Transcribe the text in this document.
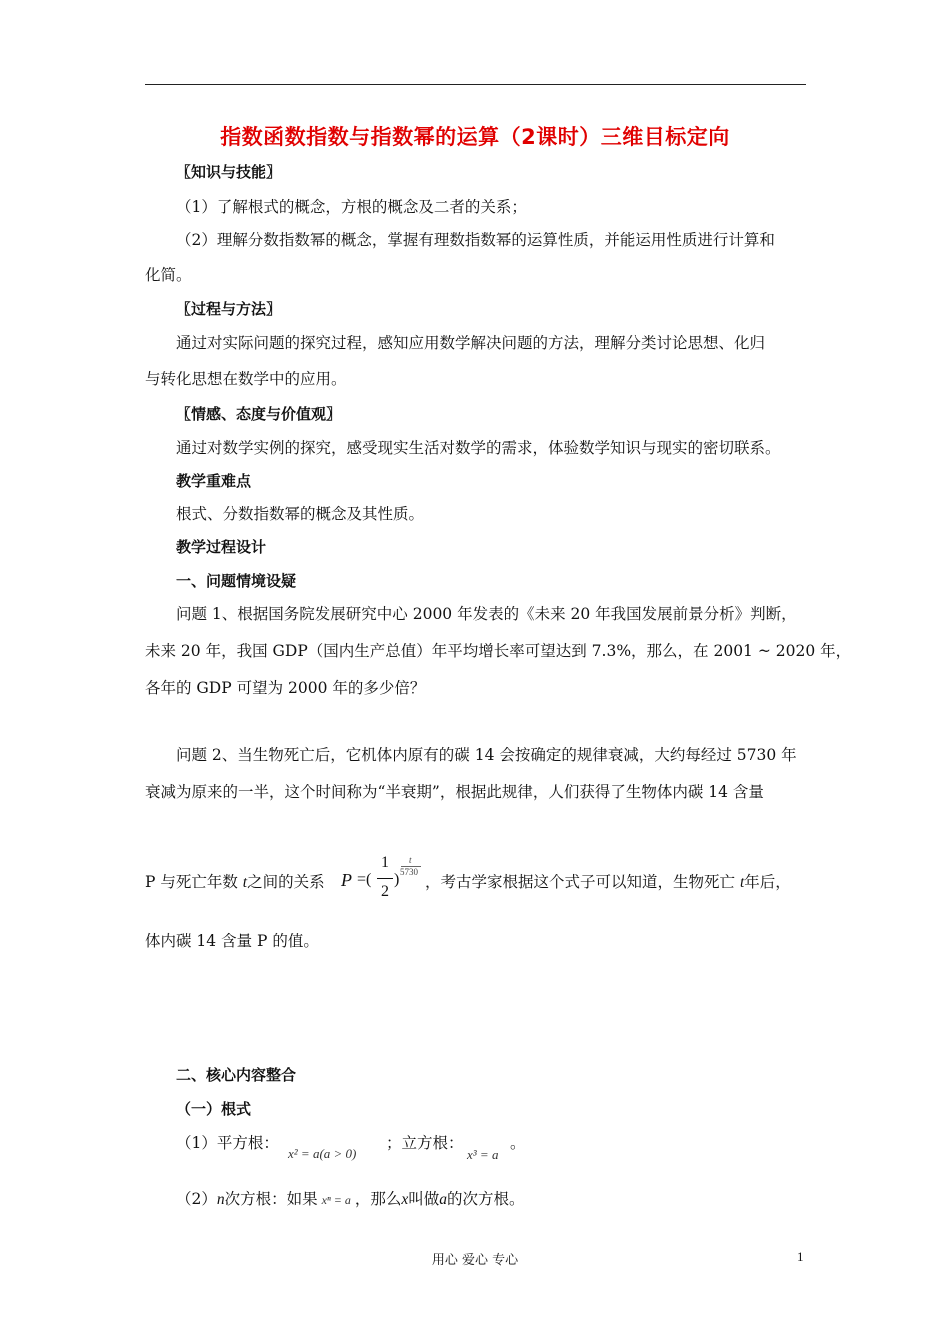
指数函数指数与指数幂的运算（2课时）三维目标定向
〖知识与技能〗
（1）了解根式的概念，方根的概念及二者的关系；
（2）理解分数指数幂的概念，掌握有理数指数幂的运算性质，并能运用性质进行计算和
化简。
〖过程与方法〗
通过对实际问题的探究过程，感知应用数学解决问题的方法，理解分类讨论思想、化归
与转化思想在数学中的应用。
〖情感、态度与价值观〗
通过对数学实例的探究，感受现实生活对数学的需求，体验数学知识与现实的密切联系。
教学重难点
根式、分数指数幂的概念及其性质。
教学过程设计
一、问题情境设疑
问题 1、根据国务院发展研究中心 2000 年发表的《未来 20 年我国发展前景分析》判断，
未来 20 年，我国 GDP（国内生产总值）年平均增长率可望达到 7.3%，那么，在 2001 ~ 2020 年，
各年的 GDP 可望为 2000 年的多少倍？
问题 2、当生物死亡后，它机体内原有的碳 14 会按确定的规律衰减，大约每经过 5730 年
衰减为原来的一半，这个时间称为“半衰期”，根据此规律，人们获得了生物体内碳 14 含量
P 与死亡年数 t之间的关系 P =(
1
2
)
t
5730
，考古学家根据这个式子可以知道，生物死亡 t年后，
体内碳 14 含量 P 的值。
二、核心内容整合
（一）根式
（1）平方根：
x² = a(a > 0)
；立方根：
x³ = a
。
（2）n次方根：如果 xⁿ = a ，那么x叫做a的次方根。
用心 爱心 专心	1
